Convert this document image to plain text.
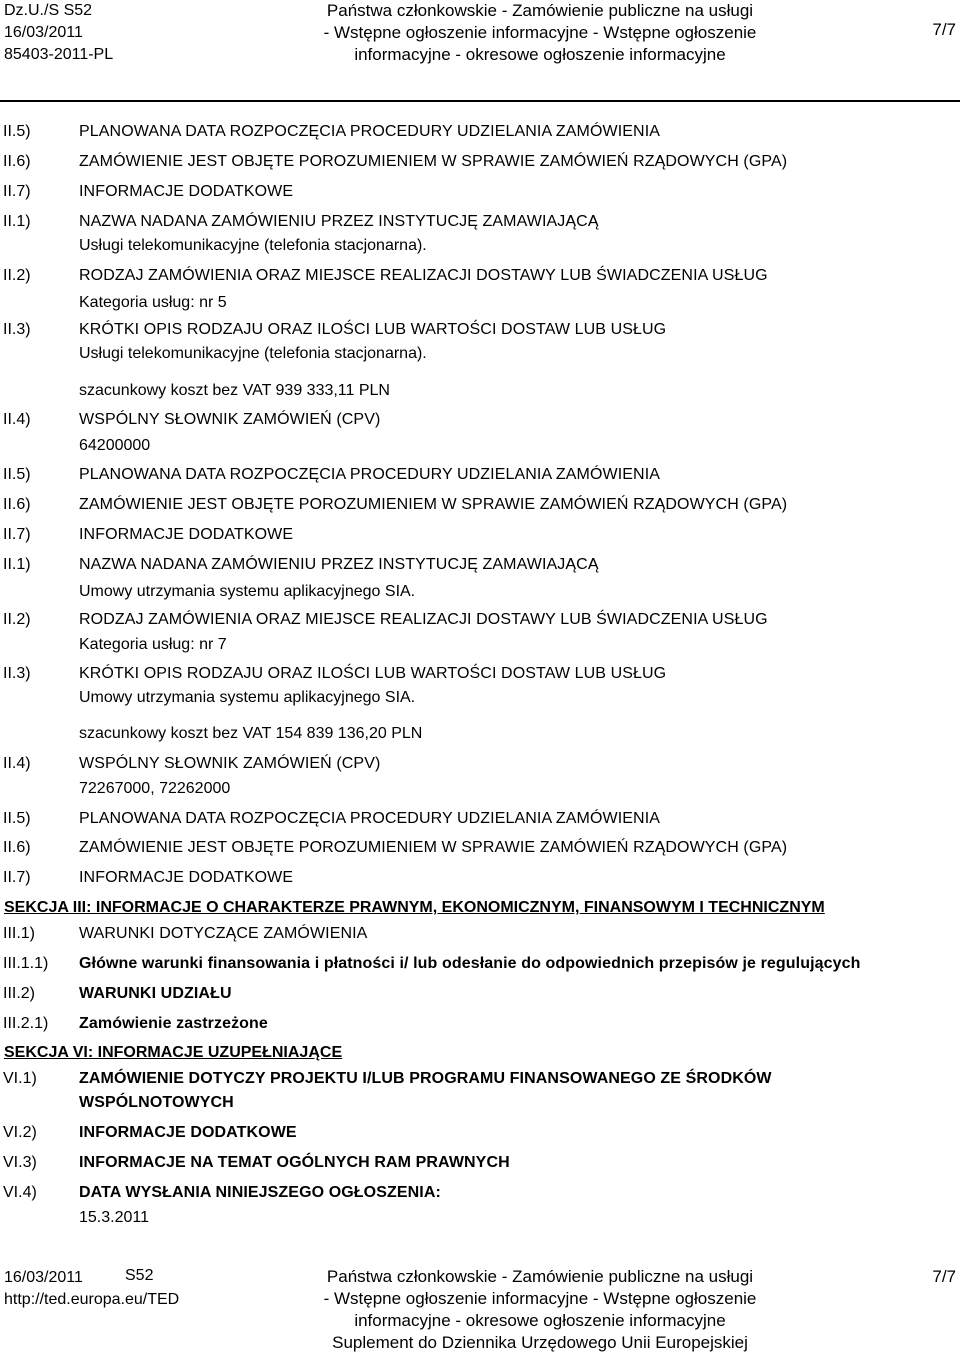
Dz.U./S S52
16/03/2011
85403-2011-PL
Państwa członkowskie - Zamówienie publiczne na usługi
- Wstępne ogłoszenie informacyjne - Wstępne ogłoszenie
informacyjne - okresowe ogłoszenie informacyjne
7/7
II.5)	PLANOWANA DATA ROZPOCZĘCIA PROCEDURY UDZIELANIA ZAMÓWIENIA
II.6)	ZAMÓWIENIE JEST OBJĘTE POROZUMIENIEM W SPRAWIE ZAMÓWIEŃ RZĄDOWYCH (GPA)
II.7)	INFORMACJE DODATKOWE
II.1)	NAZWA NADANA ZAMÓWIENIU PRZEZ INSTYTUCJĘ ZAMAWIAJĄCĄ
Usługi telekomunikacyjne (telefonia stacjonarna).
II.2)	RODZAJ ZAMÓWIENIA ORAZ MIEJSCE REALIZACJI DOSTAWY LUB ŚWIADCZENIA USŁUG
Kategoria usług: nr 5
II.3)	KRÓTKI OPIS RODZAJU ORAZ ILOŚCI LUB WARTOŚCI DOSTAW LUB USŁUG
Usługi telekomunikacyjne (telefonia stacjonarna).
szacunkowy koszt bez VAT 939 333,11 PLN
II.4)	WSPÓLNY SŁOWNIK ZAMÓWIEŃ (CPV)
64200000
II.5)	PLANOWANA DATA ROZPOCZĘCIA PROCEDURY UDZIELANIA ZAMÓWIENIA
II.6)	ZAMÓWIENIE JEST OBJĘTE POROZUMIENIEM W SPRAWIE ZAMÓWIEŃ RZĄDOWYCH (GPA)
II.7)	INFORMACJE DODATKOWE
II.1)	NAZWA NADANA ZAMÓWIENIU PRZEZ INSTYTUCJĘ ZAMAWIAJĄCĄ
Umowy utrzymania systemu aplikacyjnego SIA.
II.2)	RODZAJ ZAMÓWIENIA ORAZ MIEJSCE REALIZACJI DOSTAWY LUB ŚWIADCZENIA USŁUG
Kategoria usług: nr 7
II.3)	KRÓTKI OPIS RODZAJU ORAZ ILOŚCI LUB WARTOŚCI DOSTAW LUB USŁUG
Umowy utrzymania systemu aplikacyjnego SIA.
szacunkowy koszt bez VAT 154 839 136,20 PLN
II.4)	WSPÓLNY SŁOWNIK ZAMÓWIEŃ (CPV)
72267000, 72262000
II.5)	PLANOWANA DATA ROZPOCZĘCIA PROCEDURY UDZIELANIA ZAMÓWIENIA
II.6)	ZAMÓWIENIE JEST OBJĘTE POROZUMIENIEM W SPRAWIE ZAMÓWIEŃ RZĄDOWYCH (GPA)
II.7)	INFORMACJE DODATKOWE
SEKCJA III: INFORMACJE O CHARAKTERZE PRAWNYM, EKONOMICZNYM, FINANSOWYM I TECHNICZNYM
III.1)	WARUNKI DOTYCZĄCE ZAMÓWIENIA
III.1.1) Główne warunki finansowania i płatności i/ lub odesłanie do odpowiednich przepisów je regulujących
III.2)	WARUNKI UDZIAŁU
III.2.1) Zamówienie zastrzeżone
SEKCJA VI: INFORMACJE UZUPEŁNIAJĄCE
VI.1)	ZAMÓWIENIE DOTYCZY PROJEKTU I/LUB PROGRAMU FINANSOWANEGO ZE ŚRODKÓW
WSPÓLNOTOWYCH
VI.2)	INFORMACJE DODATKOWE
VI.3)	INFORMACJE NA TEMAT OGÓLNYCH RAM PRAWNYCH
VI.4)	DATA WYSŁANIA NINIEJSZEGO OGŁOSZENIA:
15.3.2011
16/03/2011
http://ted.europa.eu/TED
S52	Państwa członkowskie - Zamówienie publiczne na usługi
- Wstępne ogłoszenie informacyjne - Wstępne ogłoszenie
informacyjne - okresowe ogłoszenie informacyjne
Suplement do Dziennika Urzędowego Unii Europejskiej
7/7
